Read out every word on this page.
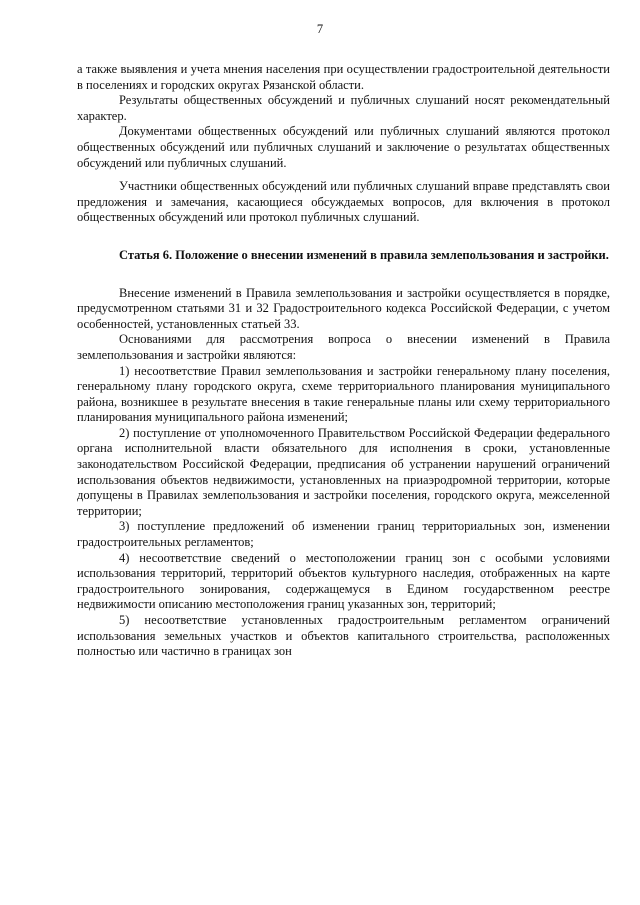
7

а также выявления и учета мнения населения при осуществлении градостроительной деятельности в поселениях и городских округах Рязанской области.

Результаты общественных обсуждений и публичных слушаний носят рекомендательный характер.

Документами общественных обсуждений или публичных слушаний являются протокол общественных обсуждений или публичных слушаний и заключение о результатах общественных обсуждений или публичных слушаний.

Участники общественных обсуждений или публичных слушаний вправе представлять свои предложения и замечания, касающиеся обсуждаемых вопросов, для включения в протокол общественных обсуждений или протокол публичных слушаний.

Статья 6. Положение о внесении изменений в правила землепользования и застройки.

Внесение изменений в Правила землепользования и застройки осуществляется в порядке, предусмотренном статьями 31 и 32 Градостроительного кодекса Российской Федерации, с учетом особенностей, установленных статьей 33.

Основаниями для рассмотрения вопроса о внесении изменений в Правила землепользования и застройки являются:

1) несоответствие Правил землепользования и застройки генеральному плану поселения, генеральному плану городского округа, схеме территориального планирования муниципального района, возникшее в результате внесения в такие генеральные планы или схему территориального планирования муниципального района изменений;

2) поступление от уполномоченного Правительством Российской Федерации федерального органа исполнительной власти обязательного для исполнения в сроки, установленные законодательством Российской Федерации, предписания об устранении нарушений ограничений использования объектов недвижимости, установленных на приаэродромной территории, которые допущены в Правилах землепользования и застройки поселения, городского округа, межселенной территории;

3) поступление предложений об изменении границ территориальных зон, изменении градостроительных регламентов;

4) несоответствие сведений о местоположении границ зон с особыми условиями использования территорий, территорий объектов культурного наследия, отображенных на карте градостроительного зонирования, содержащемуся в Едином государственном реестре недвижимости описанию местоположения границ указанных зон, территорий;

5) несоответствие установленных градостроительным регламентом ограничений использования земельных участков и объектов капитального строительства, расположенных полностью или частично в границах зон
